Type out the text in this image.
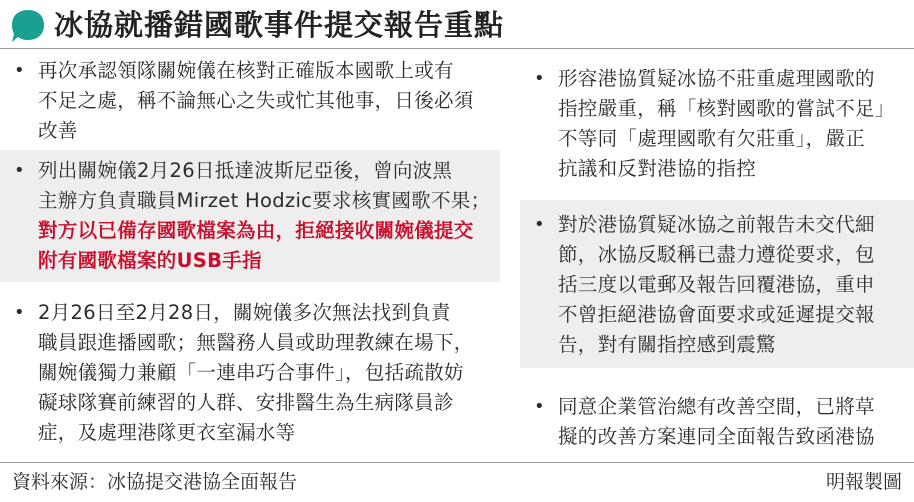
冰協就播錯國歌事件提交報告重點
• 再次承認領隊關婉儀在核對正確版本國歌上或有
不足之處，稱不論無心之失或忙其他事，日後必須
改善
• 列出關婉儀2月26日抵達波斯尼亞後，曾向波黑
主辦方負責職員Mirzet Hodzic要求核實國歌不果；
對方以已備存國歌檔案為由，拒絕接收關婉儀提交
附有國歌檔案的USB手指
• 2月26日至2月28日，關婉儀多次無法找到負責
職員跟進播國歌；無醫務人員或助理教練在場下，
關婉儀獨力兼顧「一連串巧合事件」，包括疏散妨
礙球隊賽前練習的人群、安排醫生為生病隊員診
症，及處理港隊更衣室漏水等
• 形容港協質疑冰協不莊重處理國歌的
指控嚴重，稱「核對國歌的嘗試不足」
不等同「處理國歌有欠莊重」，嚴正
抗議和反對港協的指控
• 對於港協質疑冰協之前報告未交代細
節，冰協反駁稱已盡力遵從要求，包
括三度以電郵及報告回覆港協，重申
不曾拒絕港協會面要求或延遲提交報
告，對有關指控感到震驚
• 同意企業管治總有改善空間，已將草
擬的改善方案連同全面報告致函港協
資料來源：冰協提交港協全面報告	明報製圖
